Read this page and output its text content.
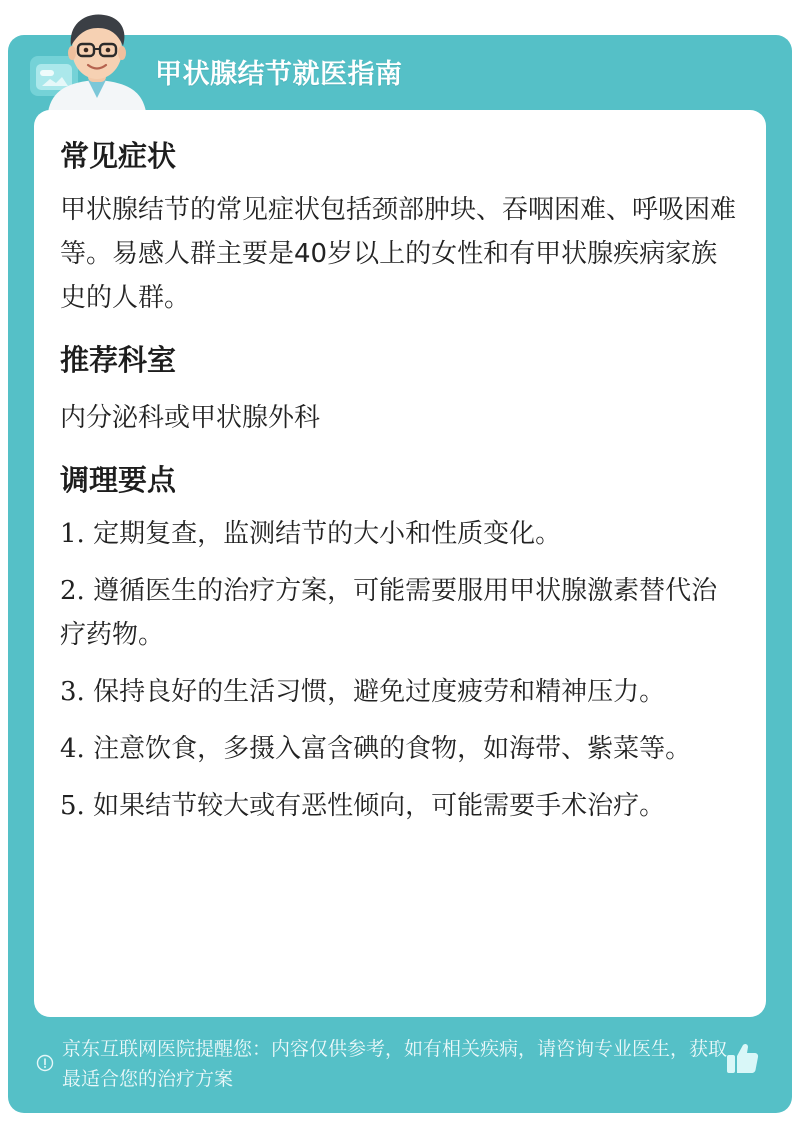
甲状腺结节就医指南
常见症状

甲状腺结节的常见症状包括颈部肿块、吞咽困难、呼吸困难等。易感人群主要是40岁以上的女性和有甲状腺疾病家族史的人群。

推荐科室

内分泌科或甲状腺外科

调理要点

1. 定期复查，监测结节的大小和性质变化。

2. 遵循医生的治疗方案，可能需要服用甲状腺激素替代治疗药物。

3. 保持良好的生活习惯，避免过度疲劳和精神压力。

4. 注意饮食，多摄入富含碘的食物，如海带、紫菜等。

5. 如果结节较大或有恶性倾向，可能需要手术治疗。

京东互联网医院提醒您：内容仅供参考，如有相关疾病，请咨询专业医生，获取最适合您的治疗方案
